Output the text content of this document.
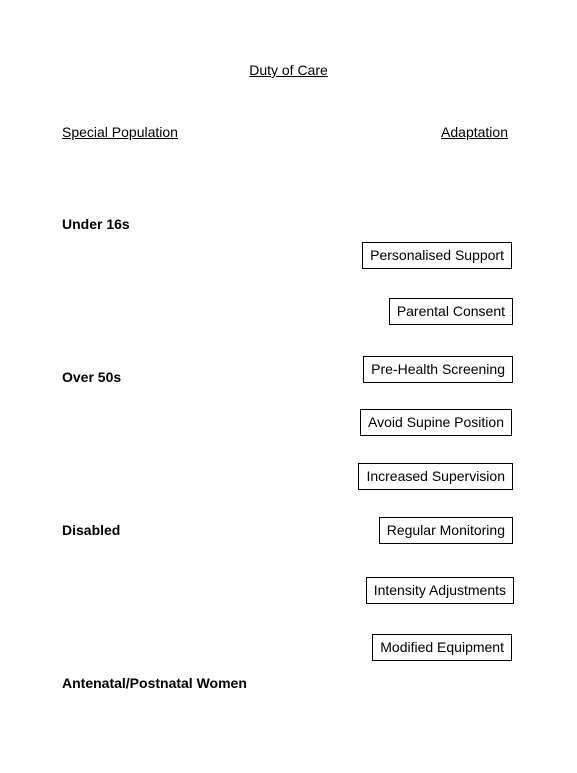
Duty of Care
Special Population	Adaptation
Under 16s
Over 50s
Disabled
Antenatal/Postnatal Women
Personalised Support
Parental Consent
Pre-Health Screening
Avoid Supine Position
Increased Supervision
Regular Monitoring
Intensity Adjustments
Modified Equipment
